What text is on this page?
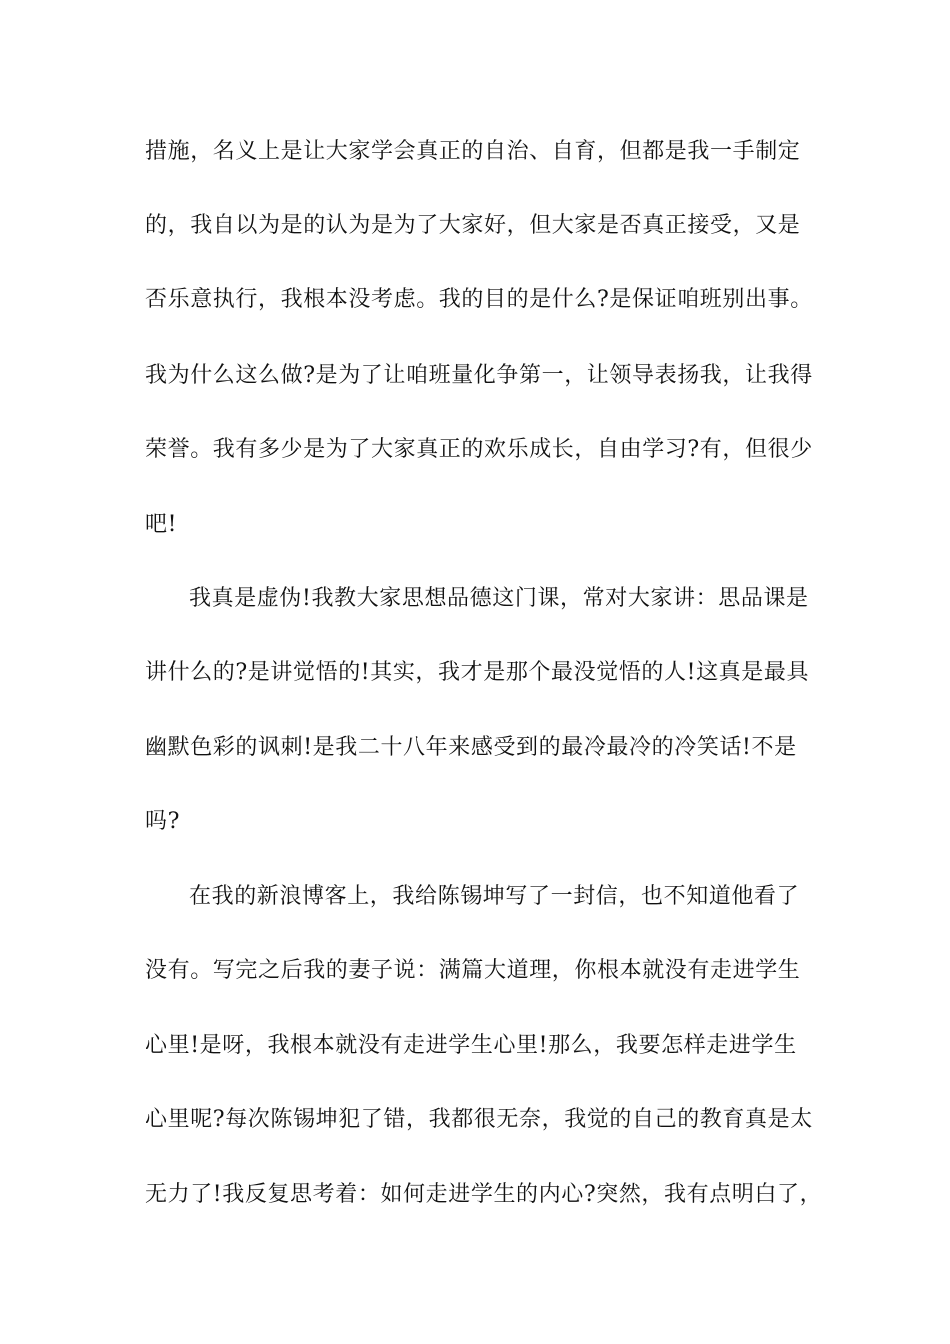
措施，名义上是让大家学会真正的自治、自育，但都是我一手制定
的，我自以为是的认为是为了大家好，但大家是否真正接受，又是
否乐意执行，我根本没考虑。我的目的是什么?是保证咱班别出事。
我为什么这么做?是为了让咱班量化争第一，让领导表扬我，让我得
荣誉。我有多少是为了大家真正的欢乐成长，自由学习?有，但很少
吧!
我真是虚伪!我教大家思想品德这门课，常对大家讲：思品课是
讲什么的?是讲觉悟的!其实，我才是那个最没觉悟的人!这真是最具
幽默色彩的讽刺!是我二十八年来感受到的最冷最冷的冷笑话!不是
吗?
在我的新浪博客上，我给陈锡坤写了一封信，也不知道他看了
没有。写完之后我的妻子说：满篇大道理，你根本就没有走进学生
心里!是呀，我根本就没有走进学生心里!那么，我要怎样走进学生
心里呢?每次陈锡坤犯了错，我都很无奈，我觉的自己的教育真是太
无力了!我反复思考着：如何走进学生的内心?突然，我有点明白了，
